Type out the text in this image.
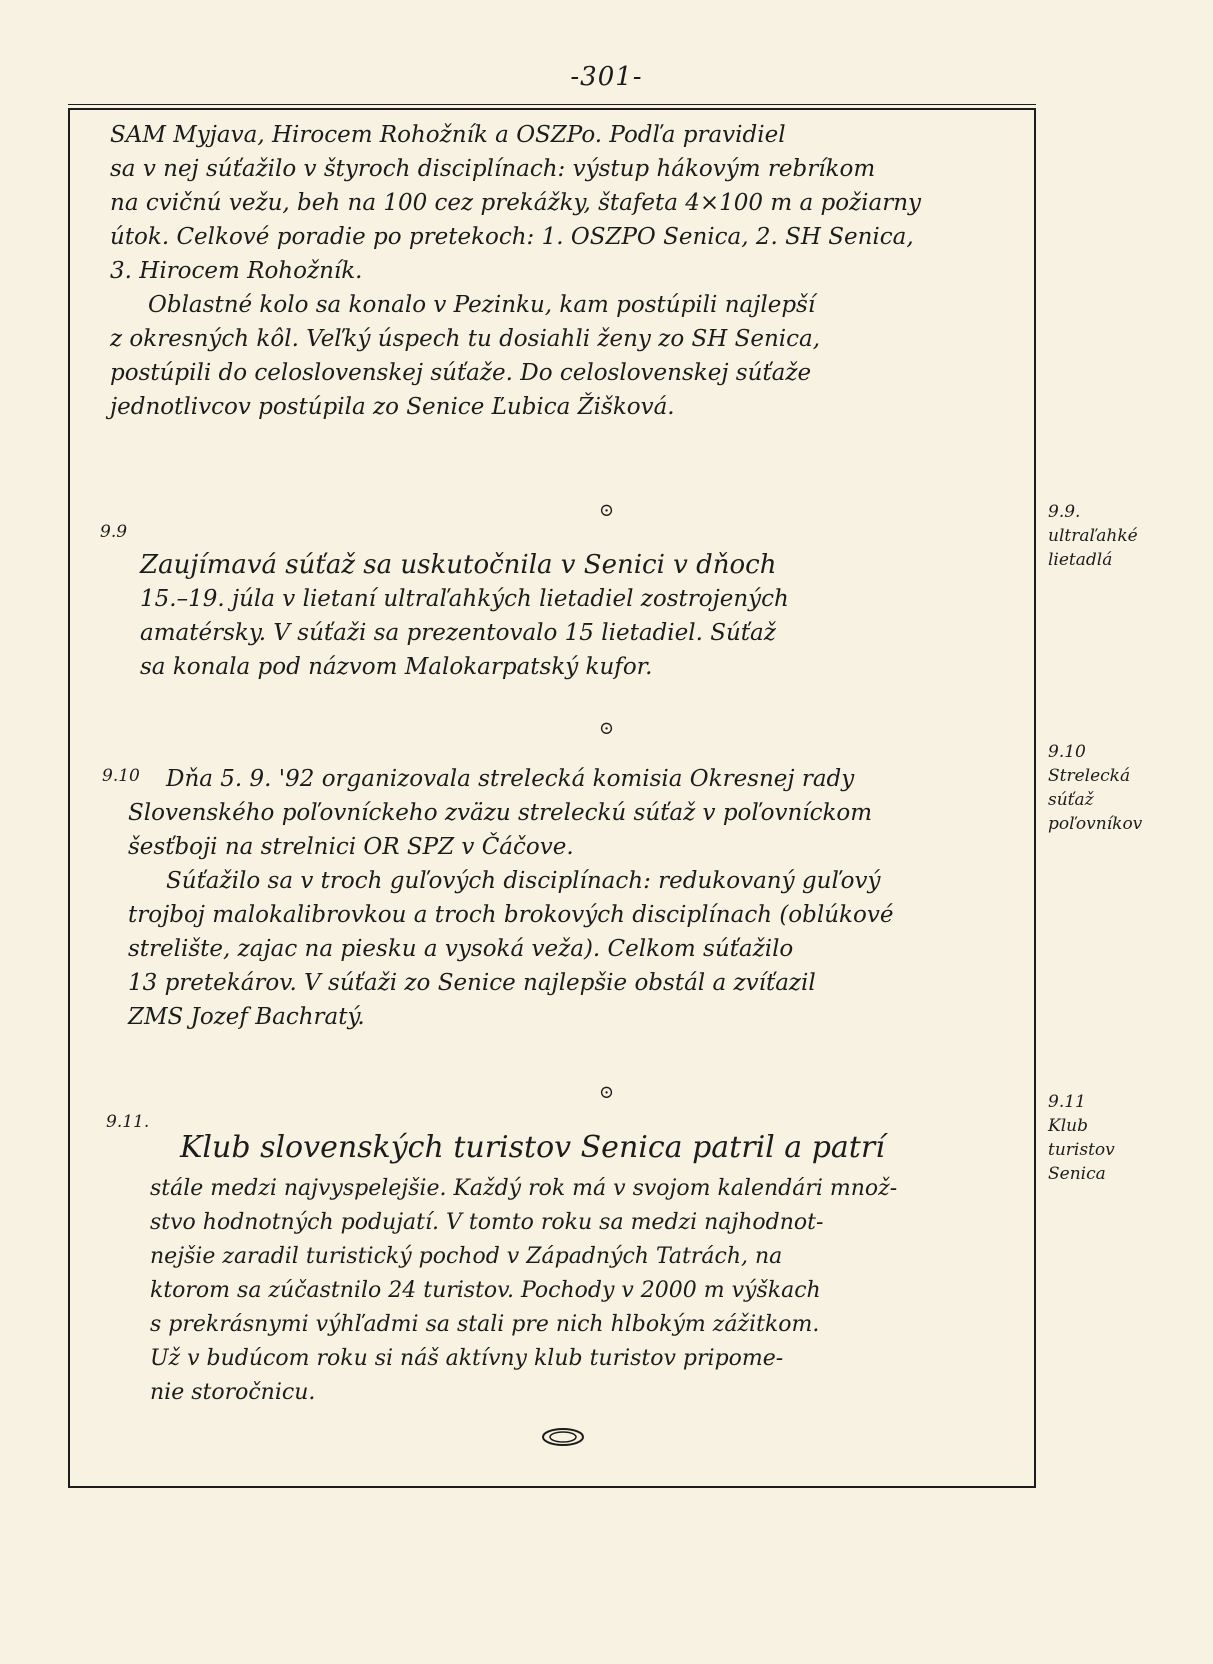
-301-
SAM Myjava, Hirocem Rohožník a OSZPo. Podľa pravidiel
sa v nej súťažilo v štyroch disciplínach: výstup hákovým rebríkom
na cvičnú vežu, beh na 100 cez prekážky, štafeta 4×100 m a požiarny
útok. Celkové poradie po pretekoch: 1. OSZPO Senica, 2. SH Senica,
3. Hirocem Rohožník.
Oblastné kolo sa konalo v Pezinku, kam postúpili najlepší
z okresných kôl. Veľký úspech tu dosiahli ženy zo SH Senica,
postúpili do celoslovenskej súťaže. Do celoslovenskej súťaže
jednotlivcov postúpila zo Senice Ľubica Žišková.
⊙
9.9
Zaujímavá súťaž sa uskutočnila v Senici v dňoch
15.–19. júla v lietaní ultraľahkých lietadiel zostrojených
amatérsky. V súťaži sa prezentovalo 15 lietadiel. Súťaž
sa konala pod názvom Malokarpatský kufor.
⊙
9.10	Dňa 5. 9. '92 organizovala strelecká komisia Okresnej rady
Slovenského poľovníckeho zväzu streleckú súťaž v poľovníckom
šesťboji na strelnici OR SPZ v Čáčove.
Súťažilo sa v troch guľových disciplínach: redukovaný guľový
trojboj malokalibrovkou a troch brokových disciplínach (oblúkové
strelište, zajac na piesku a vysoká veža). Celkom súťažilo
13 pretekárov. V súťaži zo Senice najlepšie obstál a zvíťazil
ZMS Jozef Bachratý.
⊙
9.11.
Klub slovenských turistov Senica patril a patrí
stále medzi najvyspelejšie. Každý rok má v svojom kalendári množ-
stvo hodnotných podujatí. V tomto roku sa medzi najhodnot-
nejšie zaradil turistický pochod v Západných Tatrách, na
ktorom sa zúčastnilo 24 turistov. Pochody v 2000 m výškach
s prekrásnymi výhľadmi sa stali pre nich hlbokým zážitkom.
Už v budúcom roku si náš aktívny klub turistov pripome-
nie storočnicu.
9.9.
ultraľahké
lietadlá
9.10
Strelecká
súťaž
poľovníkov
9.11
Klub
turistov
Senica
